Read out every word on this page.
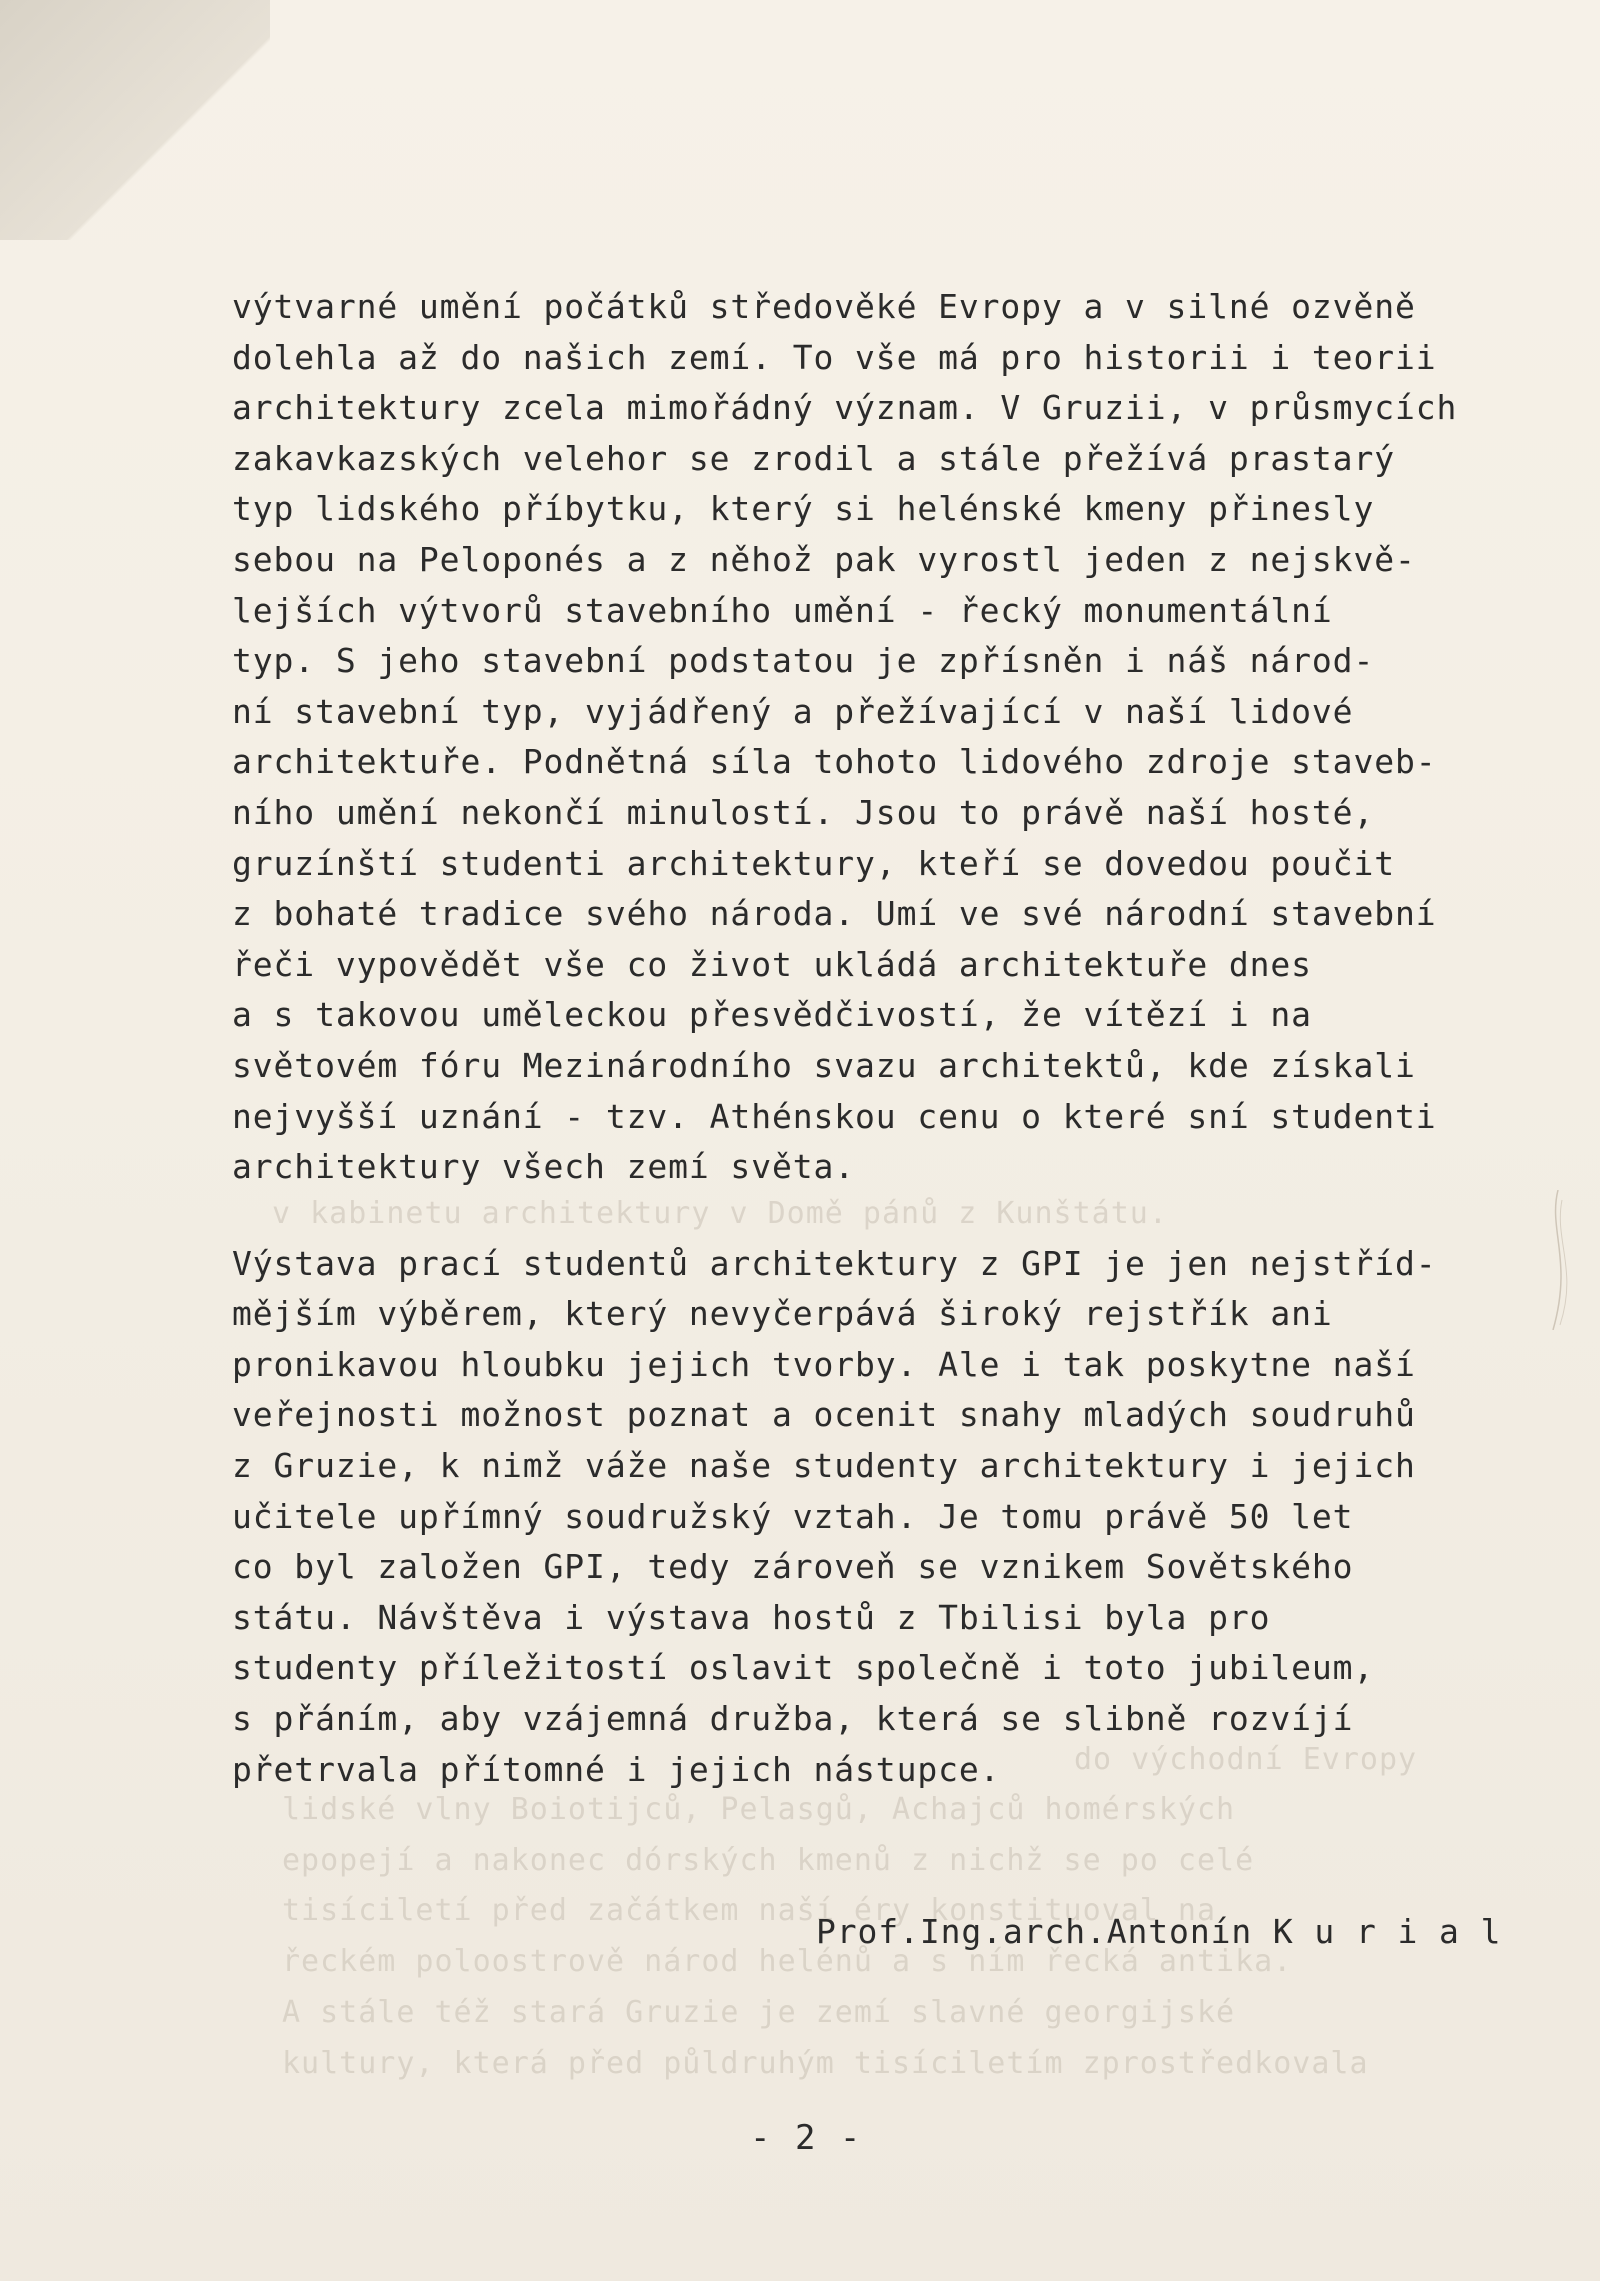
v kabinetu architektury v Domě pánů z Kunštátu.
do východní Evropy
lidské vlny Boiotijců, Pelasgů, Achajců homérských
epopejí a nakonec dórských kmenů z nichž se po celé
tisíciletí před začátkem naší éry konstituoval na
řeckém poloostrově národ helénů a s ním řecká antika.
A stále též stará Gruzie je zemí slavné georgijské
kultury, která před půldruhým tisíciletím zprostředkovala
výtvarné umění počátků středověké Evropy a v silné ozvěně
dolehla až do našich zemí. To vše má pro historii i teorii
architektury zcela mimořádný význam. V Gruzii, v průsmycích
zakavkazských velehor se zrodil a stále přežívá prastarý
typ lidského příbytku, který si helénské kmeny přinesly
sebou na Peloponés a z něhož pak vyrostl jeden z nejskvě-
lejších výtvorů stavebního umění - řecký monumentální
typ. S jeho stavební podstatou je zpřísněn i náš národ-
ní stavební typ, vyjádřený a přežívající v naší lidové
architektuře. Podnětná síla tohoto lidového zdroje staveb-
ního umění nekončí minulostí. Jsou to právě naší hosté,
gruzínští studenti architektury, kteří se dovedou poučit
z bohaté tradice svého národa. Umí ve své národní stavební
řeči vypovědět vše co život ukládá architektuře dnes
a s takovou uměleckou přesvědčivostí, že vítězí i na
světovém fóru Mezinárodního svazu architektů, kde získali
nejvyšší uznání - tzv. Athénskou cenu o které sní studenti
architektury všech zemí světa.
Výstava prací studentů architektury z GPI je jen nejstříd-
mějším výběrem, který nevyčerpává široký rejstřík ani
pronikavou hloubku jejich tvorby. Ale i tak poskytne naší
veřejnosti možnost poznat a ocenit snahy mladých soudruhů
z Gruzie, k nimž váže naše studenty architektury i jejich
učitele upřímný soudružský vztah. Je tomu právě 50 let
co byl založen GPI, tedy zároveň se vznikem Sovětského
státu. Návštěva i výstava hostů z Tbilisi byla pro
studenty příležitostí oslavit společně i toto jubileum,
s přáním, aby vzájemná družba, která se slibně rozvíjí
přetrvala přítomné i jejich nástupce.
Prof.Ing.arch.Antonín K u r i a l
- 2 -
